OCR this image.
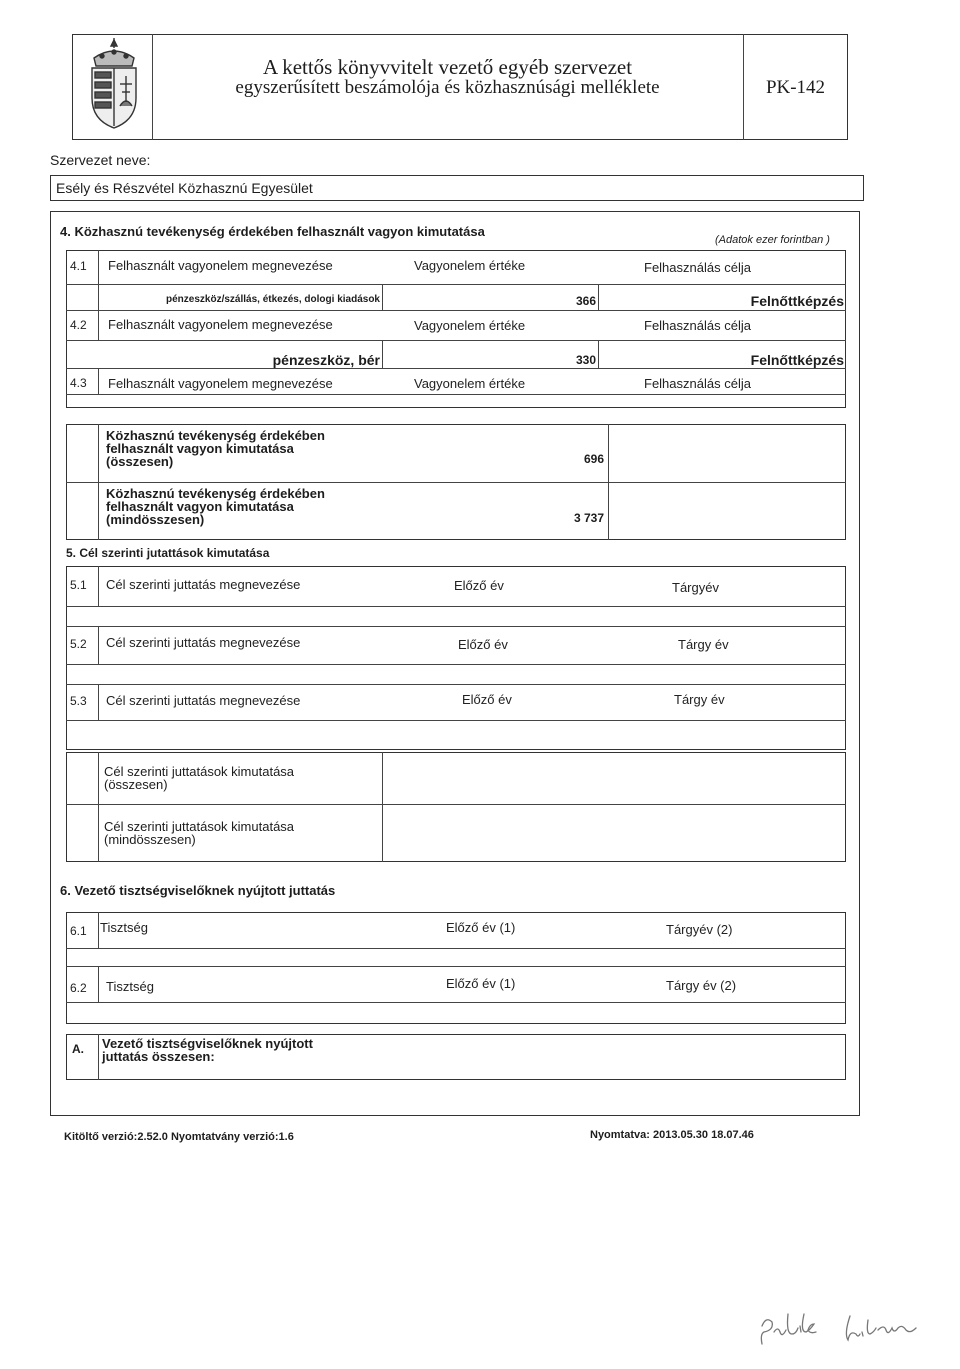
A kettős könyvvitelt vezető egyéb szervezet
egyszerűsített beszámolója és közhasznúsági melléklete	PK-142
Szervezet neve:
Esély és Részvétel Közhasznú Egyesület
4. Közhasznú tevékenység érdekében felhasznált vagyon kimutatása
(Adatok ezer forintban )
4.1 Felhasznált vagyonelem megnevezése	Vagyonelem értéke	Felhasználás célja
pénzeszköz/szállás, étkezés, dologi kiadások	366	Felnőttképzés
4.2 Felhasznált vagyonelem megnevezése	Vagyonelem értéke	Felhasználás célja
pénzeszköz, bér	330	Felnőttképzés
4.3 Felhasznált vagyonelem megnevezése	Vagyonelem értéke	Felhasználás célja
Közhasznú tevékenység érdekében
felhasznált vagyon kimutatása
(összesen)	696
Közhasznú tevékenység érdekében
felhasznált vagyon kimutatása
(mindösszesen)	3 737
5. Cél szerinti jutattások kimutatása
5.1 Cél szerinti juttatás megnevezése	Előző év	Tárgyév
5.2 Cél szerinti juttatás megnevezése	Előző év	Tárgy év
5.3 Cél szerinti juttatás megnevezése	Előző év	Tárgy év
Cél szerinti juttatások kimutatása
(összesen)
Cél szerinti juttatások kimutatása
(mindösszesen)
6. Vezető tisztségviselőknek nyújtott juttatás
6.1 Tisztség	Előző év (1)	Tárgyév (2)
6.2 Tisztség	Előző év (1)	Tárgy év (2)
A. Vezető tisztségviselőknek nyújtott
juttatás összesen:
Kitöltő verzió:2.52.0 Nyomtatvány verzió:1.6	Nyomtatva: 2013.05.30 18.07.46
